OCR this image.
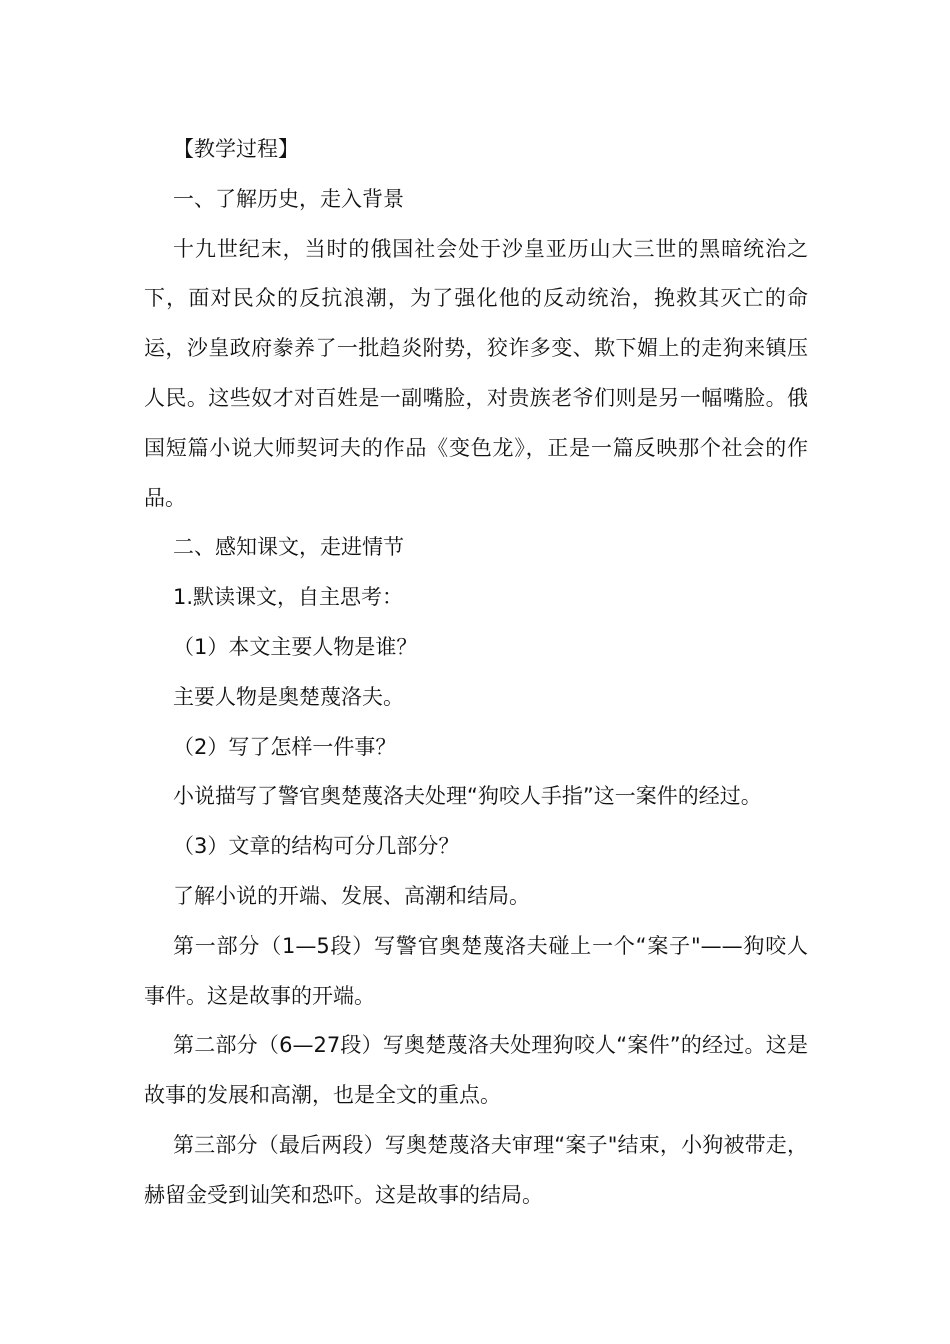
【教学过程】

一、了解历史，走入背景

十九世纪末，当时的俄国社会处于沙皇亚历山大三世的黑暗统治之下，面对民众的反抗浪潮，为了强化他的反动统治，挽救其灭亡的命运，沙皇政府豢养了一批趋炎附势，狡诈多变、欺下媚上的走狗来镇压人民。这些奴才对百姓是一副嘴脸，对贵族老爷们则是另一幅嘴脸。俄国短篇小说大师契诃夫的作品《变色龙》，正是一篇反映那个社会的作品。

二、感知课文，走进情节

1.默读课文，自主思考：

（1）本文主要人物是谁？

主要人物是奥楚蔑洛夫。

（2）写了怎样一件事？

小说描写了警官奥楚蔑洛夫处理“狗咬人手指”这一案件的经过。

（3）文章的结构可分几部分？

了解小说的开端、发展、高潮和结局。

第一部分（1—5段）写警官奥楚蔑洛夫碰上一个“案子"——狗咬人事件。这是故事的开端。

第二部分（6—27段）写奥楚蔑洛夫处理狗咬人“案件”的经过。这是故事的发展和高潮，也是全文的重点。

第三部分（最后两段）写奥楚蔑洛夫审理“案子"结束，小狗被带走，赫留金受到讪笑和恐吓。这是故事的结局。
